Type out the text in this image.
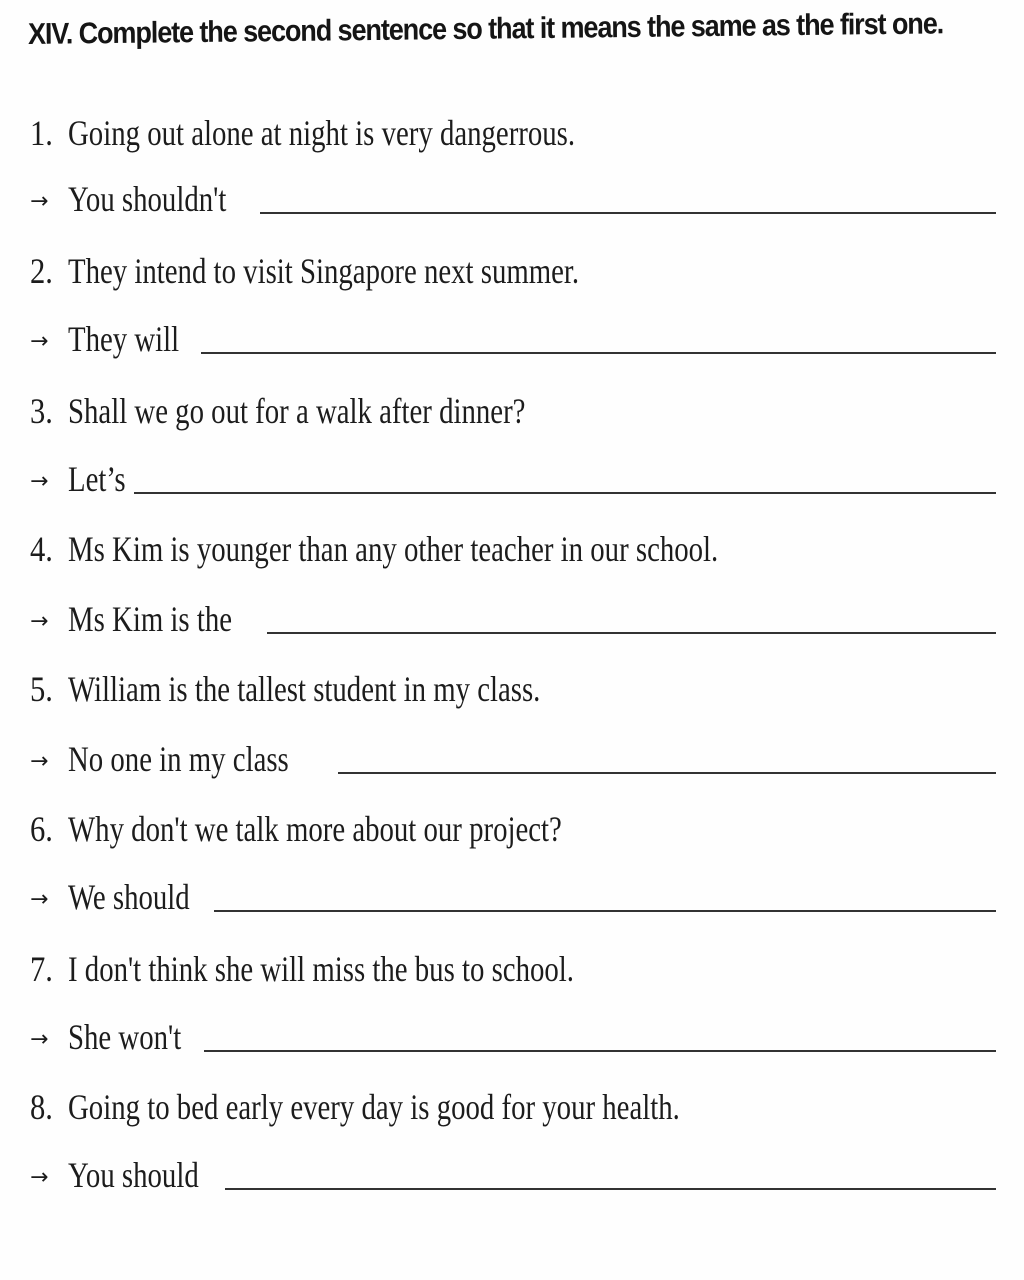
XIV. Complete the second sentence so that it means the same as the first one.
1. Going out alone at night is very dangerrous.
→ You shouldn't
2. They intend to visit Singapore next summer.
→ They will
3. Shall we go out for a walk after dinner?
→ Let’s
4. Ms Kim is younger than any other teacher in our school.
→ Ms Kim is the
5. William is the tallest student in my class.
→ No one in my class
6. Why don't we talk more about our project?
→ We should
7. I don't think she will miss the bus to school.
→ She won't
8. Going to bed early every day is good for your health.
→ You should
